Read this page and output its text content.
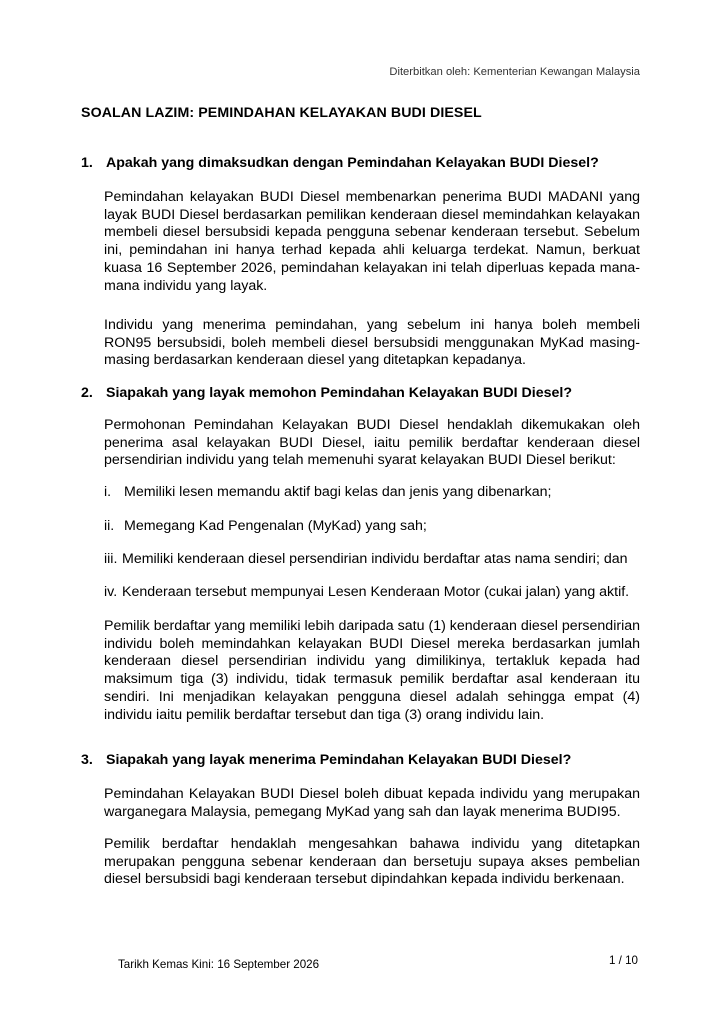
Diterbitkan oleh: Kementerian Kewangan Malaysia
SOALAN LAZIM: PEMINDAHAN KELAYAKAN BUDI DIESEL
1. Apakah yang dimaksudkan dengan Pemindahan Kelayakan BUDI Diesel?
Pemindahan kelayakan BUDI Diesel membenarkan penerima BUDI MADANI yang layak BUDI Diesel berdasarkan pemilikan kenderaan diesel memindahkan kelayakan membeli diesel bersubsidi kepada pengguna sebenar kenderaan tersebut. Sebelum ini, pemindahan ini hanya terhad kepada ahli keluarga terdekat. Namun, berkuat kuasa 16 September 2026, pemindahan kelayakan ini telah diperluas kepada mana-mana individu yang layak.
Individu yang menerima pemindahan, yang sebelum ini hanya boleh membeli RON95 bersubsidi, boleh membeli diesel bersubsidi menggunakan MyKad masing-masing berdasarkan kenderaan diesel yang ditetapkan kepadanya.
2. Siapakah yang layak memohon Pemindahan Kelayakan BUDI Diesel?
Permohonan Pemindahan Kelayakan BUDI Diesel hendaklah dikemukakan oleh penerima asal kelayakan BUDI Diesel, iaitu pemilik berdaftar kenderaan diesel persendirian individu yang telah memenuhi syarat kelayakan BUDI Diesel berikut:
i. Memiliki lesen memandu aktif bagi kelas dan jenis yang dibenarkan;
ii. Memegang Kad Pengenalan (MyKad) yang sah;
iii. Memiliki kenderaan diesel persendirian individu berdaftar atas nama sendiri; dan
iv. Kenderaan tersebut mempunyai Lesen Kenderaan Motor (cukai jalan) yang aktif.
Pemilik berdaftar yang memiliki lebih daripada satu (1) kenderaan diesel persendirian individu boleh memindahkan kelayakan BUDI Diesel mereka berdasarkan jumlah kenderaan diesel persendirian individu yang dimilikinya, tertakluk kepada had maksimum tiga (3) individu, tidak termasuk pemilik berdaftar asal kenderaan itu sendiri. Ini menjadikan kelayakan pengguna diesel adalah sehingga empat (4) individu iaitu pemilik berdaftar tersebut dan tiga (3) orang individu lain.
3. Siapakah yang layak menerima Pemindahan Kelayakan BUDI Diesel?
Pemindahan Kelayakan BUDI Diesel boleh dibuat kepada individu yang merupakan warganegara Malaysia, pemegang MyKad yang sah dan layak menerima BUDI95.
Pemilik berdaftar hendaklah mengesahkan bahawa individu yang ditetapkan merupakan pengguna sebenar kenderaan dan bersetuju supaya akses pembelian diesel bersubsidi bagi kenderaan tersebut dipindahkan kepada individu berkenaan.
Tarikh Kemas Kini: 16 September 2026	1 / 10
